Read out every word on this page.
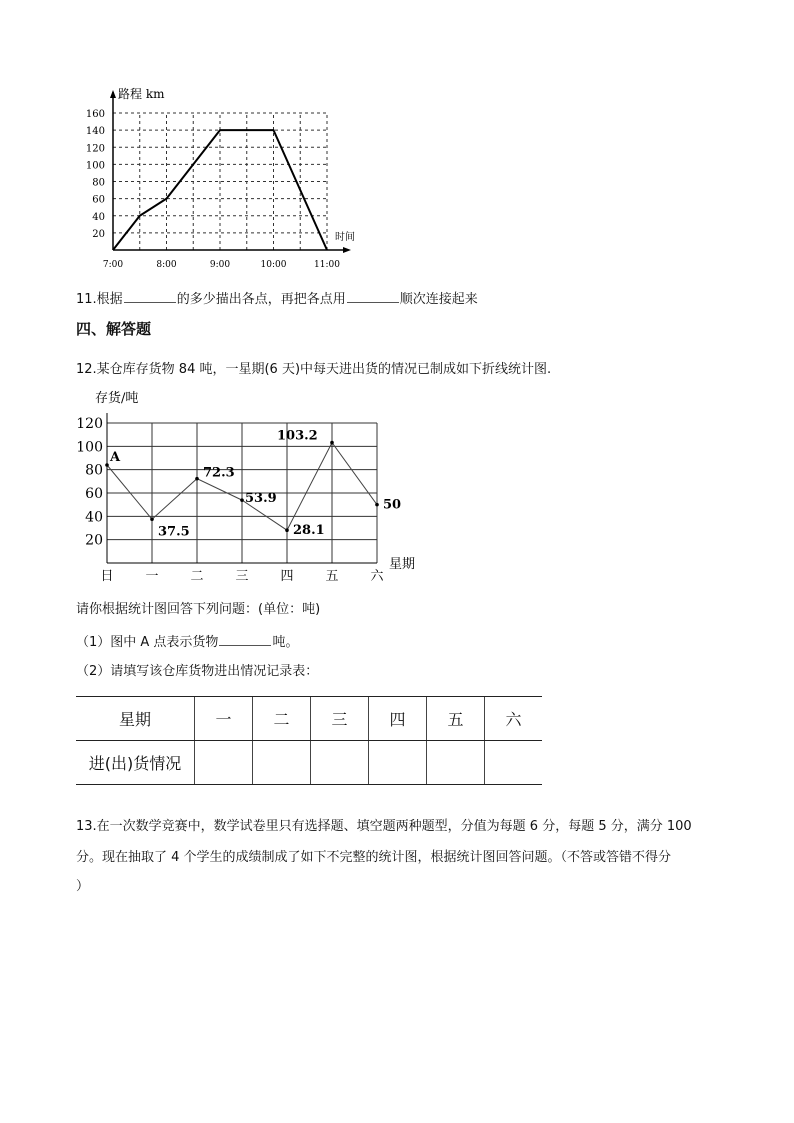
20
40
60
80
100
120
140
160
路程 km
时间
7:00	8:00	9:00	10:00	11:00
11.根据	的多少描出各点，再把各点用	顺次连接起来
四、解答题
12.某仓库存货物 84 吨，一星期(6 天)中每天进出货的情况已制成如下折线统计图.
20
40
60
80
100
120
存货/吨
星期
日 一 二 三 四 五 六
A
37.5
72.3
53.9
28.1
103.2
50
请你根据统计图回答下列问题：(单位：吨)
（1）图中 A 点表示货物	吨。
（2）请填写该仓库货物进出情况记录表：
星期	一	二	三	四	五	六
进(出)货情况						
13.在一次数学竞赛中，数学试卷里只有选择题、填空题两种题型，分值为每题 6 分，每题 5 分，满分 100
分。现在抽取了 4 个学生的成绩制成了如下不完整的统计图，根据统计图回答问题。（不答或答错不得分
）
